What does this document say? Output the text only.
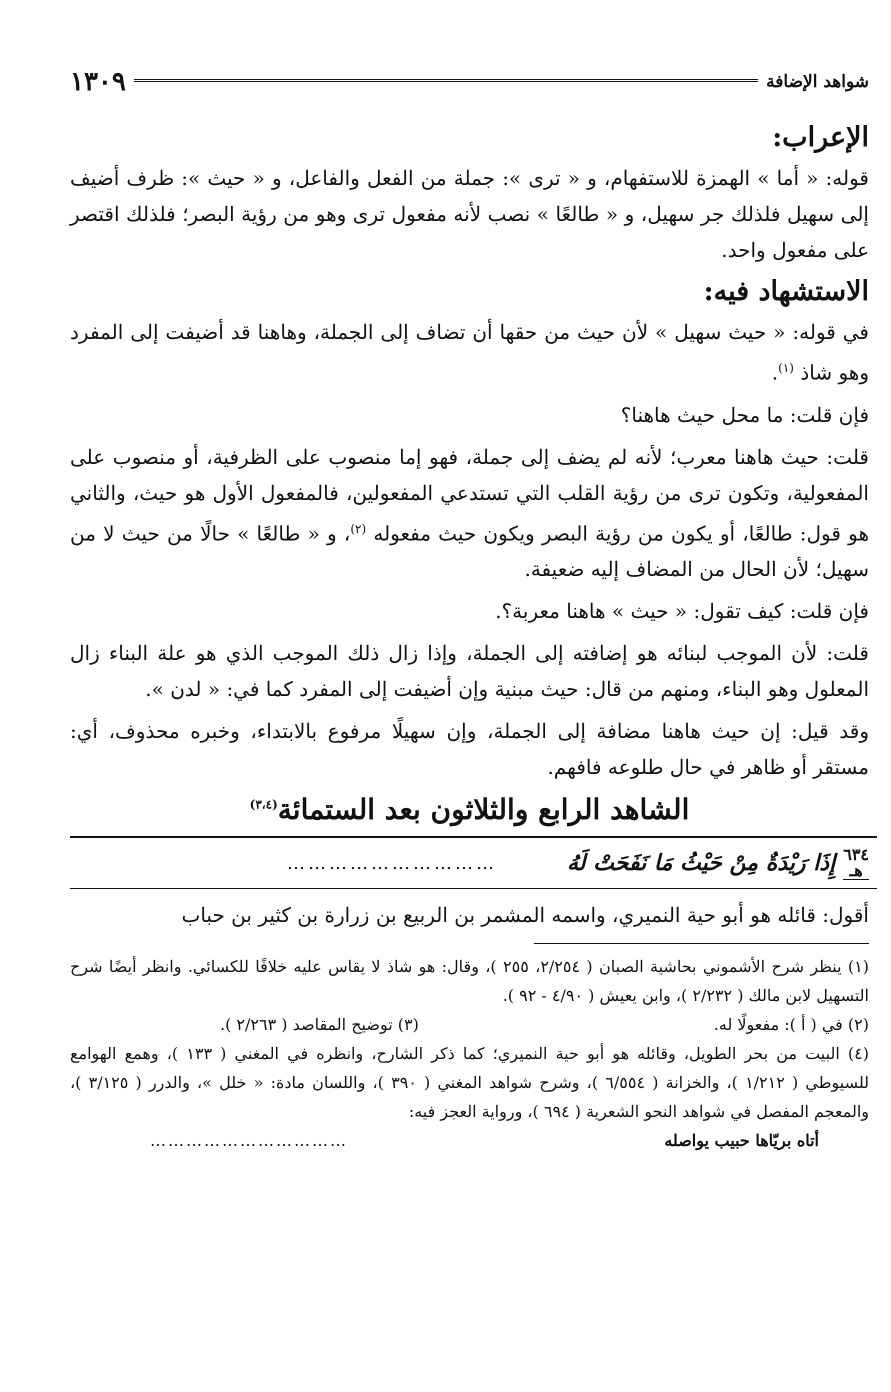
شواهد الإضافة
١٣٠٩
الإعراب:

قوله: « أما » الهمزة للاستفهام، و « ترى »: جملة من الفعل والفاعل، و « حيث »: ظرف أضيف إلى سهيل فلذلك جر سهيل، و « طالعًا » نصب لأنه مفعول ترى وهو من رؤية البصر؛ فلذلك اقتصر على مفعول واحد.

الاستشهاد فيه:

في قوله: « حيث سهيل » لأن حيث من حقها أن تضاف إلى الجملة، وهاهنا قد أضيفت إلى المفرد وهو شاذ $^{(١)}$.

فإن قلت: ما محل حيث هاهنا؟

قلت: حيث هاهنا معرب؛ لأنه لم يضف إلى جملة، فهو إما منصوب على الظرفية، أو منصوب على المفعولية، وتكون ترى من رؤية القلب التي تستدعي المفعولين، فالمفعول الأول هو حيث، والثاني هو قول: طالعًا، أو يكون من رؤية البصر ويكون حيث مفعوله $^{(٢)}$، و « طالعًا » حالًا من حيث لا من سهيل؛ لأن الحال من المضاف إليه ضعيفة.

فإن قلت: كيف تقول: « حيث » هاهنا معربة؟.

قلت: لأن الموجب لبنائه هو إضافته إلى الجملة، وإذا زال ذلك الموجب الذي هو علة البناء زال المعلول وهو البناء، ومنهم من قال: حيث مبنية وإن أضيفت إلى المفرد كما في: « لدن ».

وقد قيل: إن حيث هاهنا مضافة إلى الجملة، وإن سهيلًا مرفوع بالابتداء، وخبره محذوف، أي: مستقر أو ظاهر في حال طلوعه فافهم.

الشاهد الرابع والثلاثون بعد الستمائة$^{(٣،٤)}$
٦٣٤
هـ
إِذَا رَيْدَةٌ مِنْ حَيْثُ مَا نَفَحَتْ لَهُ
…………………………

أقول: قائله هو أبو حية النميري، واسمه المشمر بن الربيع بن زرارة بن كثير بن حباب

(١) ينظر شرح الأشموني بحاشية الصبان ( ٢/٢٥٤، ٢٥٥ )، وقال: هو شاذ لا يقاس عليه خلافًا للكسائي. وانظر أيضًا شرح التسهيل لابن مالك ( ٢/٢٣٢ )، وابن يعيش ( ٤/٩٠ - ٩٢ ).

(٢) في ( أ ): مفعولًا له.
(٣) توضيح المقاصد ( ٢/٢٦٣ ).

(٤) البيت من بحر الطويل، وقائله هو أبو حية النميري؛ كما ذكر الشارح، وانظره في المغني ( ١٣٣ )، وهمع الهوامع للسيوطي ( ١/٢١٢ )، والخزانة ( ٦/٥٥٤ )، وشرح شواهد المغني ( ٣٩٠ )، واللسان مادة: « خلل »، والدرر ( ٣/١٢٥ )، والمعجم المفصل في شواهد النحو الشعرية ( ٦٩٤ )، ورواية العجز فيه:

أتاه بريّاها حبيب يواصله
……………………………
